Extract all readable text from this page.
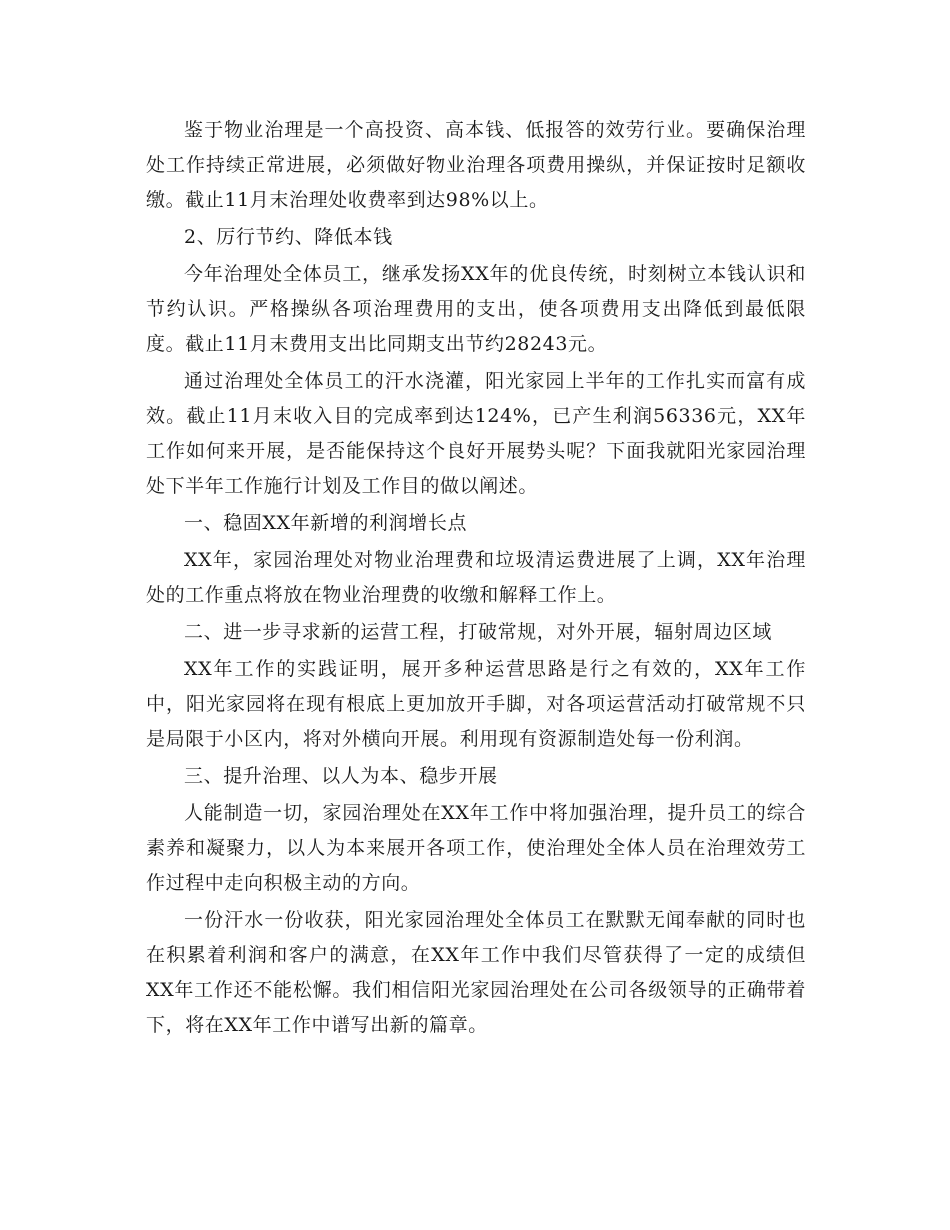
鉴于物业治理是一个高投资、高本钱、低报答的效劳行业。要确保治理处工作持续正常进展，必须做好物业治理各项费用操纵，并保证按时足额收缴。截止11月末治理处收费率到达98%以上。

2、厉行节约、降低本钱

今年治理处全体员工，继承发扬XX年的优良传统，时刻树立本钱认识和节约认识。严格操纵各项治理费用的支出，使各项费用支出降低到最低限度。截止11月末费用支出比同期支出节约28243元。

通过治理处全体员工的汗水浇灌，阳光家园上半年的工作扎实而富有成效。截止11月末收入目的完成率到达124%，已产生利润56336元，XX年工作如何来开展，是否能保持这个良好开展势头呢？下面我就阳光家园治理处下半年工作施行计划及工作目的做以阐述。

一、稳固XX年新增的利润增长点

XX年，家园治理处对物业治理费和垃圾清运费进展了上调，XX年治理处的工作重点将放在物业治理费的收缴和解释工作上。

二、进一步寻求新的运营工程，打破常规，对外开展，辐射周边区域

XX年工作的实践证明，展开多种运营思路是行之有效的，XX年工作中，阳光家园将在现有根底上更加放开手脚，对各项运营活动打破常规不只是局限于小区内，将对外横向开展。利用现有资源制造处每一份利润。

三、提升治理、以人为本、稳步开展

人能制造一切，家园治理处在XX年工作中将加强治理，提升员工的综合素养和凝聚力，以人为本来展开各项工作，使治理处全体人员在治理效劳工作过程中走向积极主动的方向。

一份汗水一份收获，阳光家园治理处全体员工在默默无闻奉献的同时也在积累着利润和客户的满意，在XX年工作中我们尽管获得了一定的成绩但XX年工作还不能松懈。我们相信阳光家园治理处在公司各级领导的正确带着下，将在XX年工作中谱写出新的篇章。
